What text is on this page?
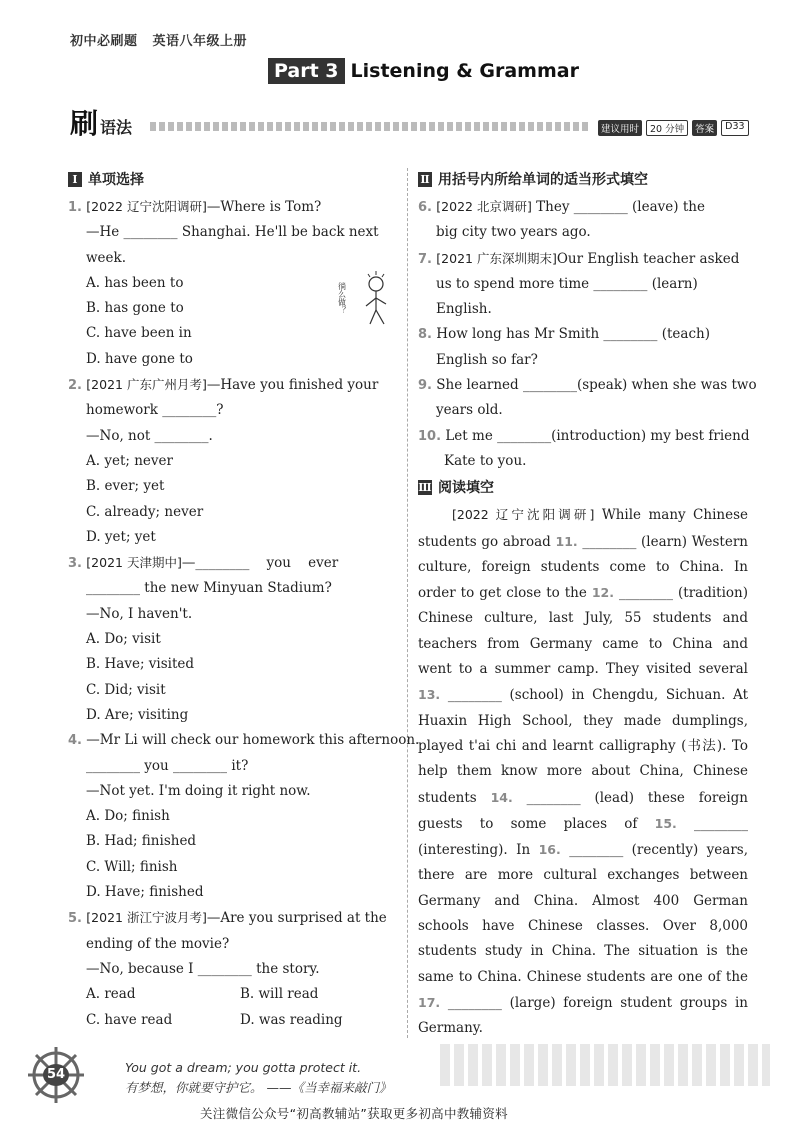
初中必刷题 英语八年级上册
Part 3 Listening & Grammar
刷 语法	建议用时	20 分钟	答案	D33
徜么做？
Ⅰ 单项选择
1. [2022 辽宁沈阳调研]—Where is Tom?
—He ________ Shanghai. He'll be back next
week.
A. has been to
B. has gone to
C. have been in
D. have gone to
2. [2021 广东广州月考]—Have you finished your
homework ________?
—No, not ________.
A. yet; never
B. ever; yet
C. already; never
D. yet; yet
3. [2021 天津期中]—________    you    ever
________ the new Minyuan Stadium?
—No, I haven't.
A. Do; visit
B. Have; visited
C. Did; visit
D. Are; visiting
4. —Mr Li will check our homework this afternoon.
________ you ________ it?
—Not yet. I'm doing it right now.
A. Do; finish
B. Had; finished
C. Will; finish
D. Have; finished
5. [2021 浙江宁波月考]—Are you surprised at the
ending of the movie?
—No, because I ________ the story.
A. read	B. will read
C. have read	D. was reading
Ⅱ 用括号内所给单词的适当形式填空
6. [2022 北京调研] They ________ (leave) the
big city two years ago.
7. [2021 广东深圳期末]Our English teacher asked
us to spend more time ________ (learn)
English.
8. How long has Mr Smith ________ (teach)
English so far?
9. She learned ________(speak) when she was two
years old.
10. Let me ________(introduction) my best friend
Kate to you.
Ⅲ 阅读填空
[2022 辽宁沈阳调研] While many Chinese students go abroad 11. ________ (learn) Western culture, foreign students come to China. In order to get close to the 12. ________ (tradition) Chinese culture, last July, 55 students and teachers from Germany came to China and went to a summer camp. They visited several 13. ________ (school) in Chengdu, Sichuan. At Huaxin High School, they made dumplings, played t'ai chi and learnt calligraphy (书法). To help them know more about China, Chinese students 14. ________ (lead) these foreign guests to some places of 15. ________ (interesting). In 16. ________ (recently) years, there are more cultural exchanges between Germany and China. Almost 400 German schools have Chinese classes. Over 8,000 students study in China. The situation is the same to China. Chinese students are one of the 17. ________ (large) foreign student groups in Germany.
54	You got a dream; you gotta protect it.
有梦想，你就要守护它。 ——《当幸福来敲门》
关注微信公众号“初高教辅站”获取更多初高中教辅资料
